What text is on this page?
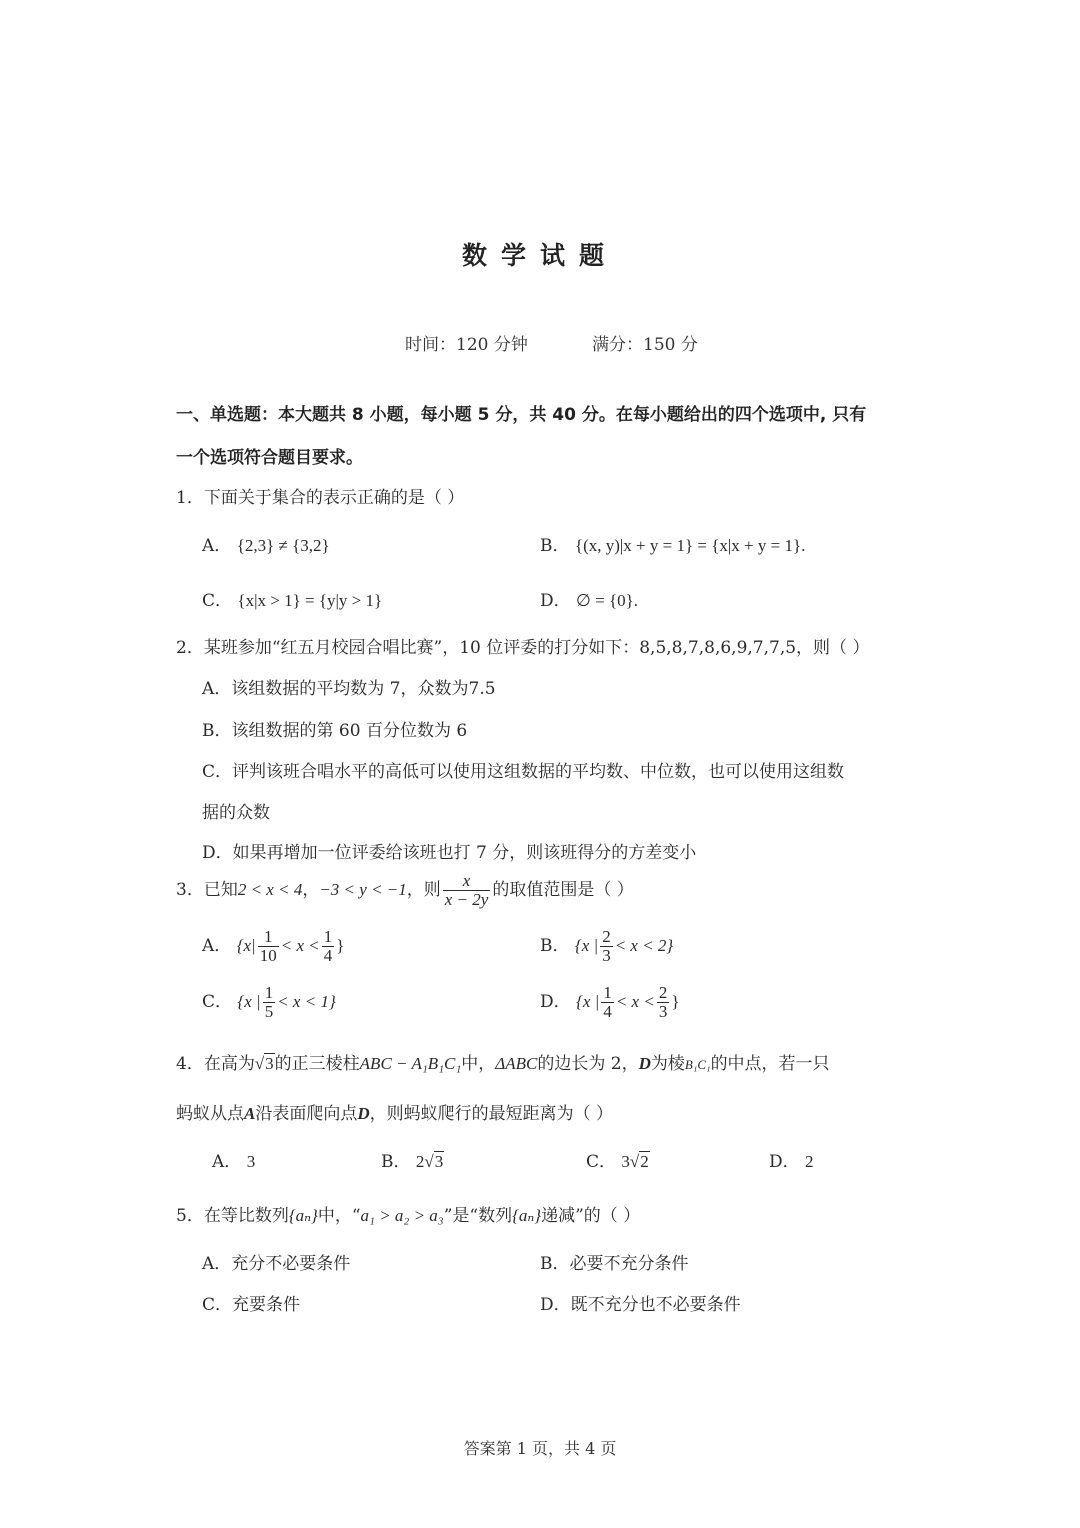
数学试题
时间：120 分钟	满分：150 分
一、单选题：本大题共 8 小题，每小题 5 分，共 40 分。在每小题给出的四个选项中, 只有
一个选项符合题目要求。
1．下面关于集合的表示正确的是（ ）
A． {2,3} ≠ {3,2}	B． {(x, y)|x + y = 1} = {x|x + y = 1}.
C． {x|x > 1} = {y|y > 1}	D． ∅ = {0}.
2．某班参加“红五月校园合唱比赛”，10 位评委的打分如下：8,5,8,7,8,6,9,7,7,5，则（ ）
A．该组数据的平均数为 7，众数为7.5
B．该组数据的第 60 百分位数为 6
C．评判该班合唱水平的高低可以使用这组数据的平均数、中位数，也可以使用这组数
据的众数
D．如果再增加一位评委给该班也打 7 分，则该班得分的方差变小
3．已知2 < x < 4，−3 < y < −1，则 $\frac{x}{x - 2y}$ 的取值范围是（ ）
A． {$x| \frac{1}{10} < x < \frac{1}{4}$ }	B． {x | $\frac{2}{3} < x < 2$}
C． {x | $\frac{1}{5} < x < 1$}	D． {x | $\frac{1}{4} < x < \frac{2}{3}$ }
4．在高为√3的正三棱柱ABC − A₁B₁C₁中，ΔABC的边长为 2，D为棱B₁C₁的中点，若一只
蚂蚁从点A沿表面爬向点D，则蚂蚁爬行的最短距离为（ ）
A． 3	B． 2√3	C． 3√2	D． 2
5．在等比数列{aₙ}中，“a₁ > a₂ > a₃”是“数列{aₙ}递减”的（ ）
A．充分不必要条件	B．必要不充分条件
C．充要条件	D．既不充分也不必要条件
答案第 1 页，共 4 页
